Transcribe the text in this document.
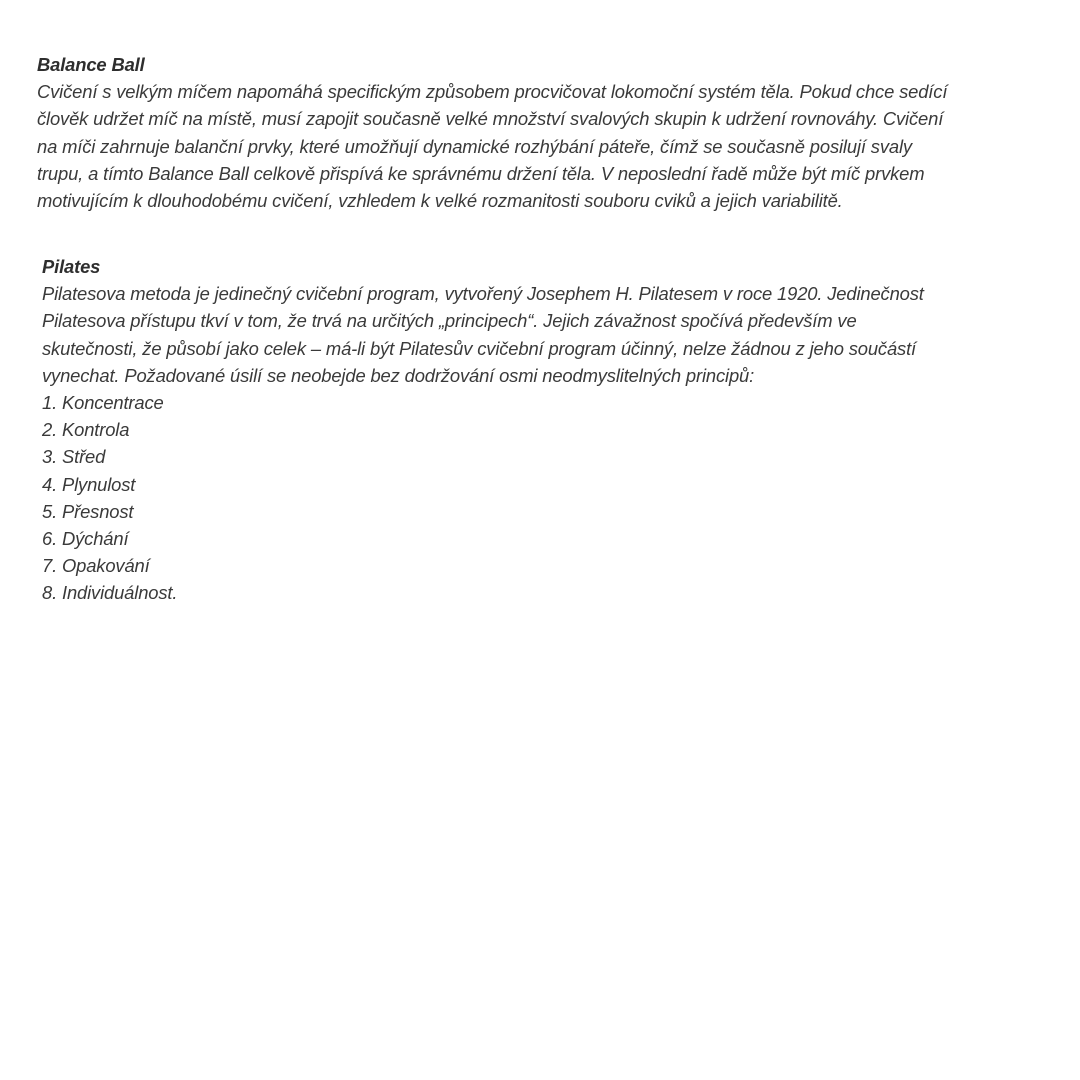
Balance Ball
Cvičení s velkým míčem napomáhá specifickým způsobem procvičovat lokomoční systém těla. Pokud chce sedící
člověk udržet míč na místě, musí zapojit současně velké množství svalových skupin k udržení rovnováhy. Cvičení
na míči zahrnuje balanční prvky, které umožňují dynamické rozhýbání páteře, čímž se současně posilují svaly
trupu, a tímto Balance Ball celkově přispívá ke správnému držení těla. V neposlední řadě může být míč prvkem
motivujícím k dlouhodobému cvičení, vzhledem k velké rozmanitosti souboru cviků a jejich variabilitě.
Pilates
Pilatesova metoda je jedinečný cvičební program, vytvořený Josephem H. Pilatesem v roce 1920. Jedinečnost
Pilatesova přístupu tkví v tom, že trvá na určitých „principech“. Jejich závažnost spočívá především ve
skutečnosti, že působí jako celek – má-li být Pilatesův cvičební program účinný, nelze žádnou z jeho součástí
vynechat. Požadované úsilí se neobejde bez dodržování osmi neodmyslitelných principů:
1. Koncentrace
2. Kontrola
3. Střed
4. Plynulost
5. Přesnost
6. Dýchání
7. Opakování
8. Individuálnost.
